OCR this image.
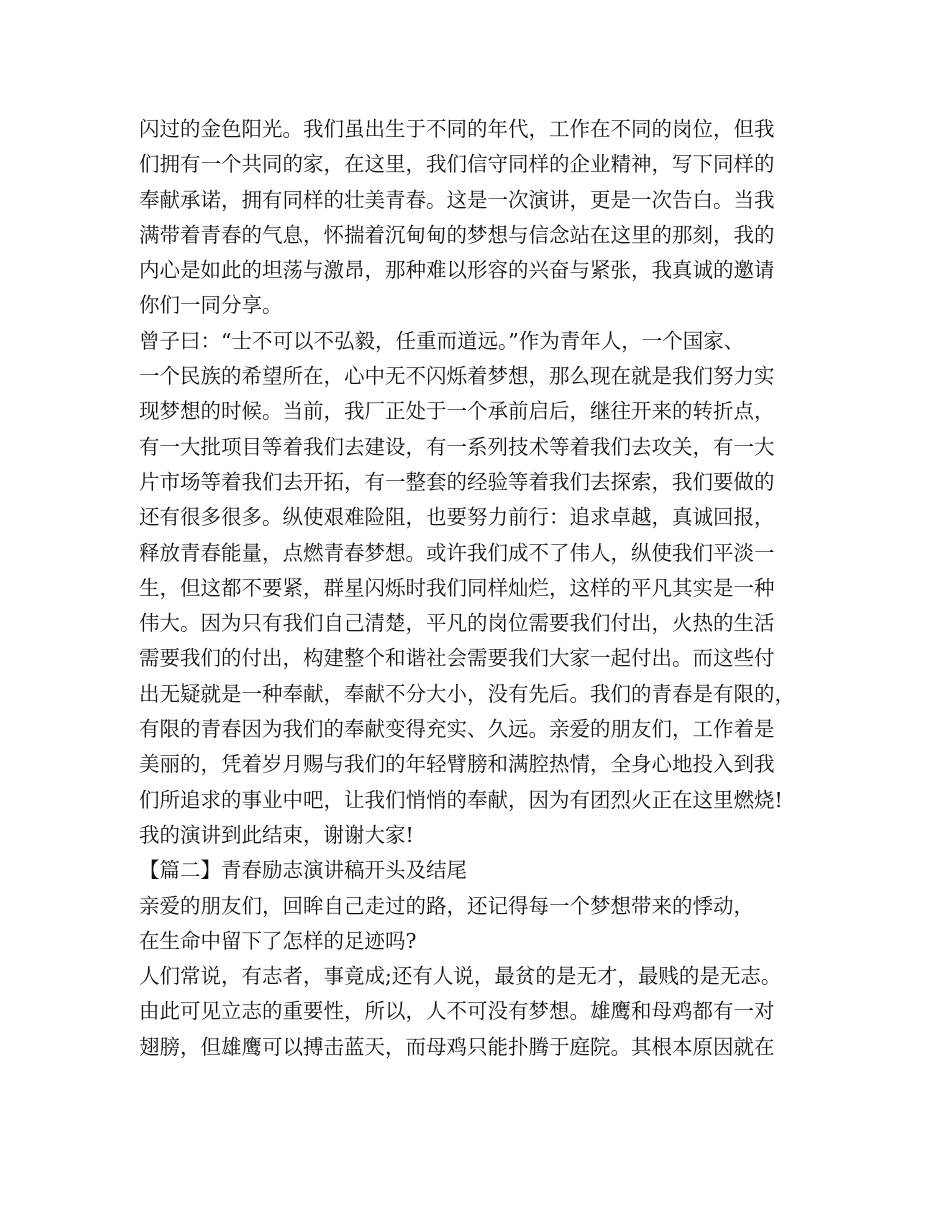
闪过的金色阳光。我们虽出生于不同的年代，工作在不同的岗位，但我
们拥有一个共同的家，在这里，我们信守同样的企业精神，写下同样的
奉献承诺，拥有同样的壮美青春。这是一次演讲，更是一次告白。当我
满带着青春的气息，怀揣着沉甸甸的梦想与信念站在这里的那刻，我的
内心是如此的坦荡与激昂，那种难以形容的兴奋与紧张，我真诚的邀请
你们一同分享。
曾子曰：“士不可以不弘毅，任重而道远。”作为青年人，一个国家、
一个民族的希望所在，心中无不闪烁着梦想，那么现在就是我们努力实
现梦想的时候。当前，我厂正处于一个承前启后，继往开来的转折点，
有一大批项目等着我们去建设，有一系列技术等着我们去攻关，有一大
片市场等着我们去开拓，有一整套的经验等着我们去探索，我们要做的
还有很多很多。纵使艰难险阻，也要努力前行：追求卓越，真诚回报，
释放青春能量，点燃青春梦想。或许我们成不了伟人，纵使我们平淡一
生，但这都不要紧，群星闪烁时我们同样灿烂，这样的平凡其实是一种
伟大。因为只有我们自己清楚，平凡的岗位需要我们付出，火热的生活
需要我们的付出，构建整个和谐社会需要我们大家一起付出。而这些付
出无疑就是一种奉献，奉献不分大小，没有先后。我们的青春是有限的，
有限的青春因为我们的奉献变得充实、久远。亲爱的朋友们，工作着是
美丽的，凭着岁月赐与我们的年轻臂膀和满腔热情，全身心地投入到我
们所追求的事业中吧，让我们悄悄的奉献，因为有团烈火正在这里燃烧!
我的演讲到此结束，谢谢大家!
【篇二】青春励志演讲稿开头及结尾
亲爱的朋友们，回眸自己走过的路，还记得每一个梦想带来的悸动，
在生命中留下了怎样的足迹吗?
人们常说，有志者，事竟成;还有人说，最贫的是无才，最贱的是无志。
由此可见立志的重要性，所以，人不可没有梦想。雄鹰和母鸡都有一对
翅膀，但雄鹰可以搏击蓝天，而母鸡只能扑腾于庭院。其根本原因就在
